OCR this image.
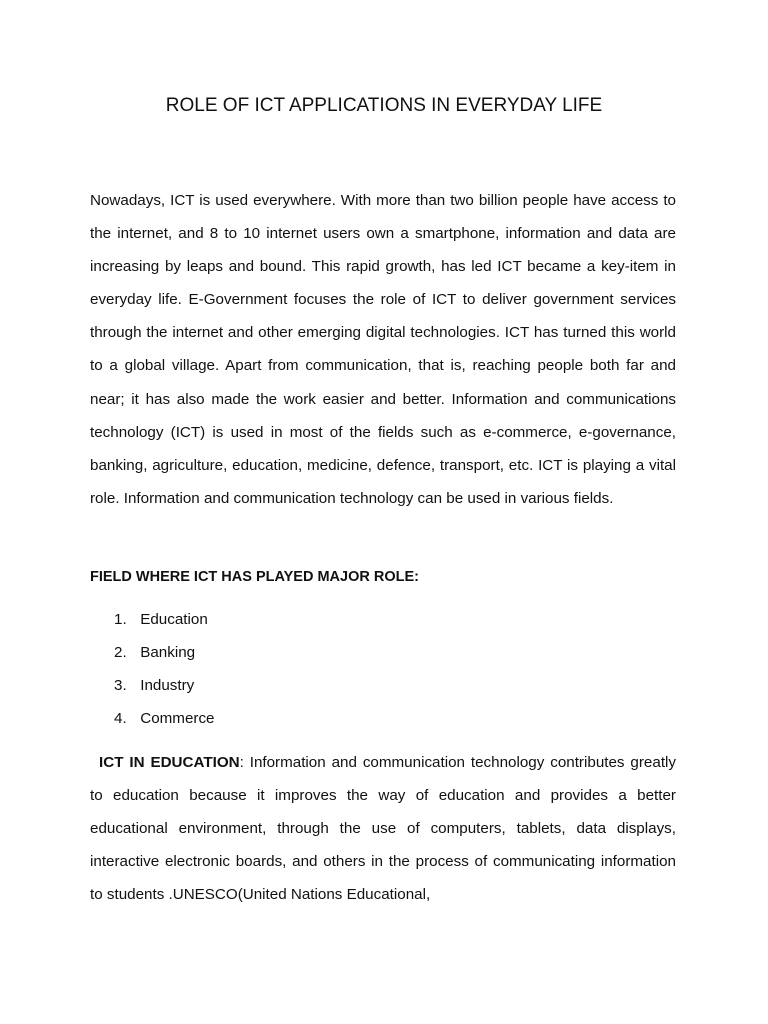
ROLE OF ICT APPLICATIONS IN EVERYDAY LIFE

Nowadays, ICT is used everywhere. With more than two billion people have access to the internet, and 8 to 10 internet users own a smartphone, information and data are increasing by leaps and bound. This rapid growth, has led ICT became a key-item in everyday life. E-Government focuses the role of ICT to deliver government services through the internet and other emerging digital technologies. ICT has turned this world to a global village. Apart from communication, that is, reaching people both far and near; it has also made the work easier and better. Information and communications technology (ICT) is used in most of the fields such as e-commerce, e-governance, banking, agriculture, education, medicine, defence, transport, etc. ICT is playing a vital role. Information and communication technology can be used in various fields.

FIELD WHERE ICT HAS PLAYED MAJOR ROLE:
1. Education
2. Banking
3. Industry
4. Commerce

ICT IN EDUCATION: Information and communication technology contributes greatly to education because it improves the way of education and provides a better educational environment, through the use of computers, tablets, data displays, interactive electronic boards, and others in the process of communicating information to students .UNESCO(United Nations Educational,
